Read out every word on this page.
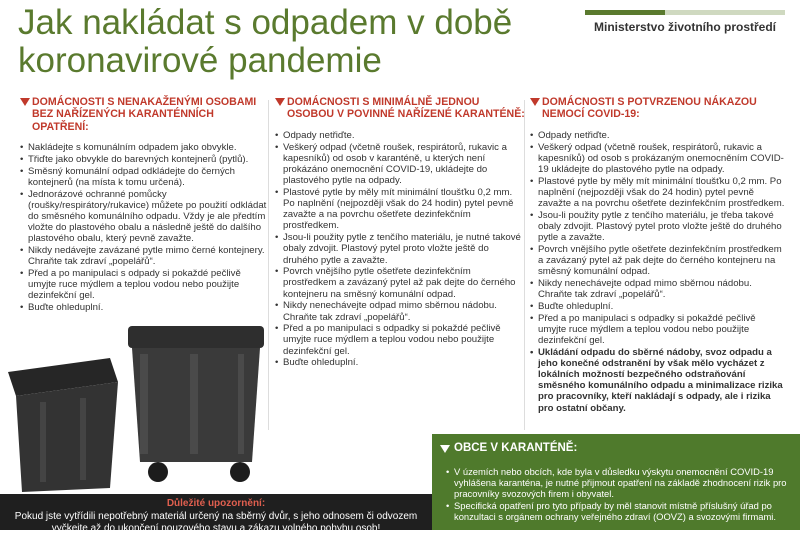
Jak nakládat s odpadem v době
koronavirové pandemie
Ministerstvo životního prostředí
DOMÁCNOSTI S NENAKAŽENÝMI OSOBAMI BEZ NAŘÍZENÝCH KARANTÉNNÍCH OPATŘENÍ:
• Nakládejte s komunálním odpadem jako obvykle.
• Třiďte jako obvykle do barevných kontejnerů (pytlů).
• Směsný komunální odpad odkládejte do černých kontejnerů (na místa k tomu určená).
• Jednorázové ochranné pomůcky (roušky/respirátory/rukavice) můžete po použití odkládat do směsného komunálního odpadu. Vždy je ale předtím vložte do plastového obalu a následně ještě do dalšího plastového obalu, který pevně zavažte.
• Nikdy nedávejte zavázané pytle mimo černé kontejnery. Chraňte tak zdraví „popelářů“.
• Před a po manipulaci s odpady si pokaždé pečlivě umyjte ruce mýdlem a teplou vodou nebo použijte dezinfekční gel.
• Buďte ohleduplní.
DOMÁCNOSTI S MINIMÁLNĚ JEDNOU OSOBOU V POVINNÉ NAŘÍZENÉ KARANTÉNĚ:
• Odpady netřiďte.
• Veškerý odpad (včetně roušek, respirátorů, rukavic a kapesníků) od osob v karanténě, u kterých není prokázáno onemocnění COVID-19, ukládejte do plastového pytle na odpady.
• Plastové pytle by měly mít minimální tloušťku 0,2 mm. Po naplnění (nejpozději však do 24 hodin) pytel pevně zavažte a na povrchu ošetřete dezinfekčním prostředkem.
• Jsou-li použity pytle z tenčího materiálu, je nutné takové obaly zdvojit. Plastový pytel proto vložte ještě do druhého pytle a zavažte.
• Povrch vnějšího pytle ošetřete dezinfekčním prostředkem a zavázaný pytel až pak dejte do černého kontejneru na směsný komunální odpad.
• Nikdy nenechávejte odpad mimo sběrnou nádobu. Chraňte tak zdraví „popelářů“.
• Před a po manipulaci s odpadky si pokaždé pečlivě umyjte ruce mýdlem a teplou vodou nebo použijte dezinfekční gel.
• Buďte ohleduplní.
DOMÁCNOSTI S POTVRZENOU NÁKAZOU NEMOCÍ COVID-19:
• Odpady netřiďte.
• Veškerý odpad (včetně roušek, respirátorů, rukavic a kapesníků) od osob s prokázaným onemocněním COVID-19 ukládejte do plastového pytle na odpady.
• Plastové pytle by měly mít minimální tloušťku 0,2 mm. Po naplnění (nejpozději však do 24 hodin) pytel pevně zavažte a na povrchu ošetřete dezinfekčním prostředkem.
• Jsou-li použity pytle z tenčího materiálu, je třeba takové obaly zdvojit. Plastový pytel proto vložte ještě do druhého pytle a zavažte.
• Povrch vnějšího pytle ošetřete dezinfekčním prostředkem a zavázaný pytel až pak dejte do černého kontejneru na směsný komunální odpad.
• Nikdy nenechávejte odpad mimo sběrnou nádobu. Chraňte tak zdraví „popelářů“.
• Buďte ohleduplní.
• Před a po manipulaci s odpadky si pokaždé pečlivě umyjte ruce mýdlem a teplou vodou nebo použijte dezinfekční gel.
• Ukládání odpadu do sběrné nádoby, svoz odpadu a jeho konečné odstranění by však mělo vycházet z lokálních možností bezpečného odstraňování směsného komunálního odpadu a minimalizace rizika pro pracovníky, kteří nakládají s odpady, ale i rizika pro ostatní občany.
OBCE V KARANTÉNĚ:
• V územích nebo obcích, kde byla v důsledku výskytu onemocnění COVID-19 vyhlášena karanténa, je nutné přijmout opatření na základě zhodnocení rizik pro pracovníky svozových firem i obyvatel.
• Specifická opatření pro tyto případy by měl stanovit místně příslušný úřad po konzultaci s orgánem ochrany veřejného zdraví (OOVZ) a svozovými firmami.
Důležité upozornění:
Pokud jste vytřídili nepotřebný materiál určený na sběrný dvůr, s jeho odnosem či odvozem vyčkejte až do ukončení nouzového stavu a zákazu volného pohybu osob!
